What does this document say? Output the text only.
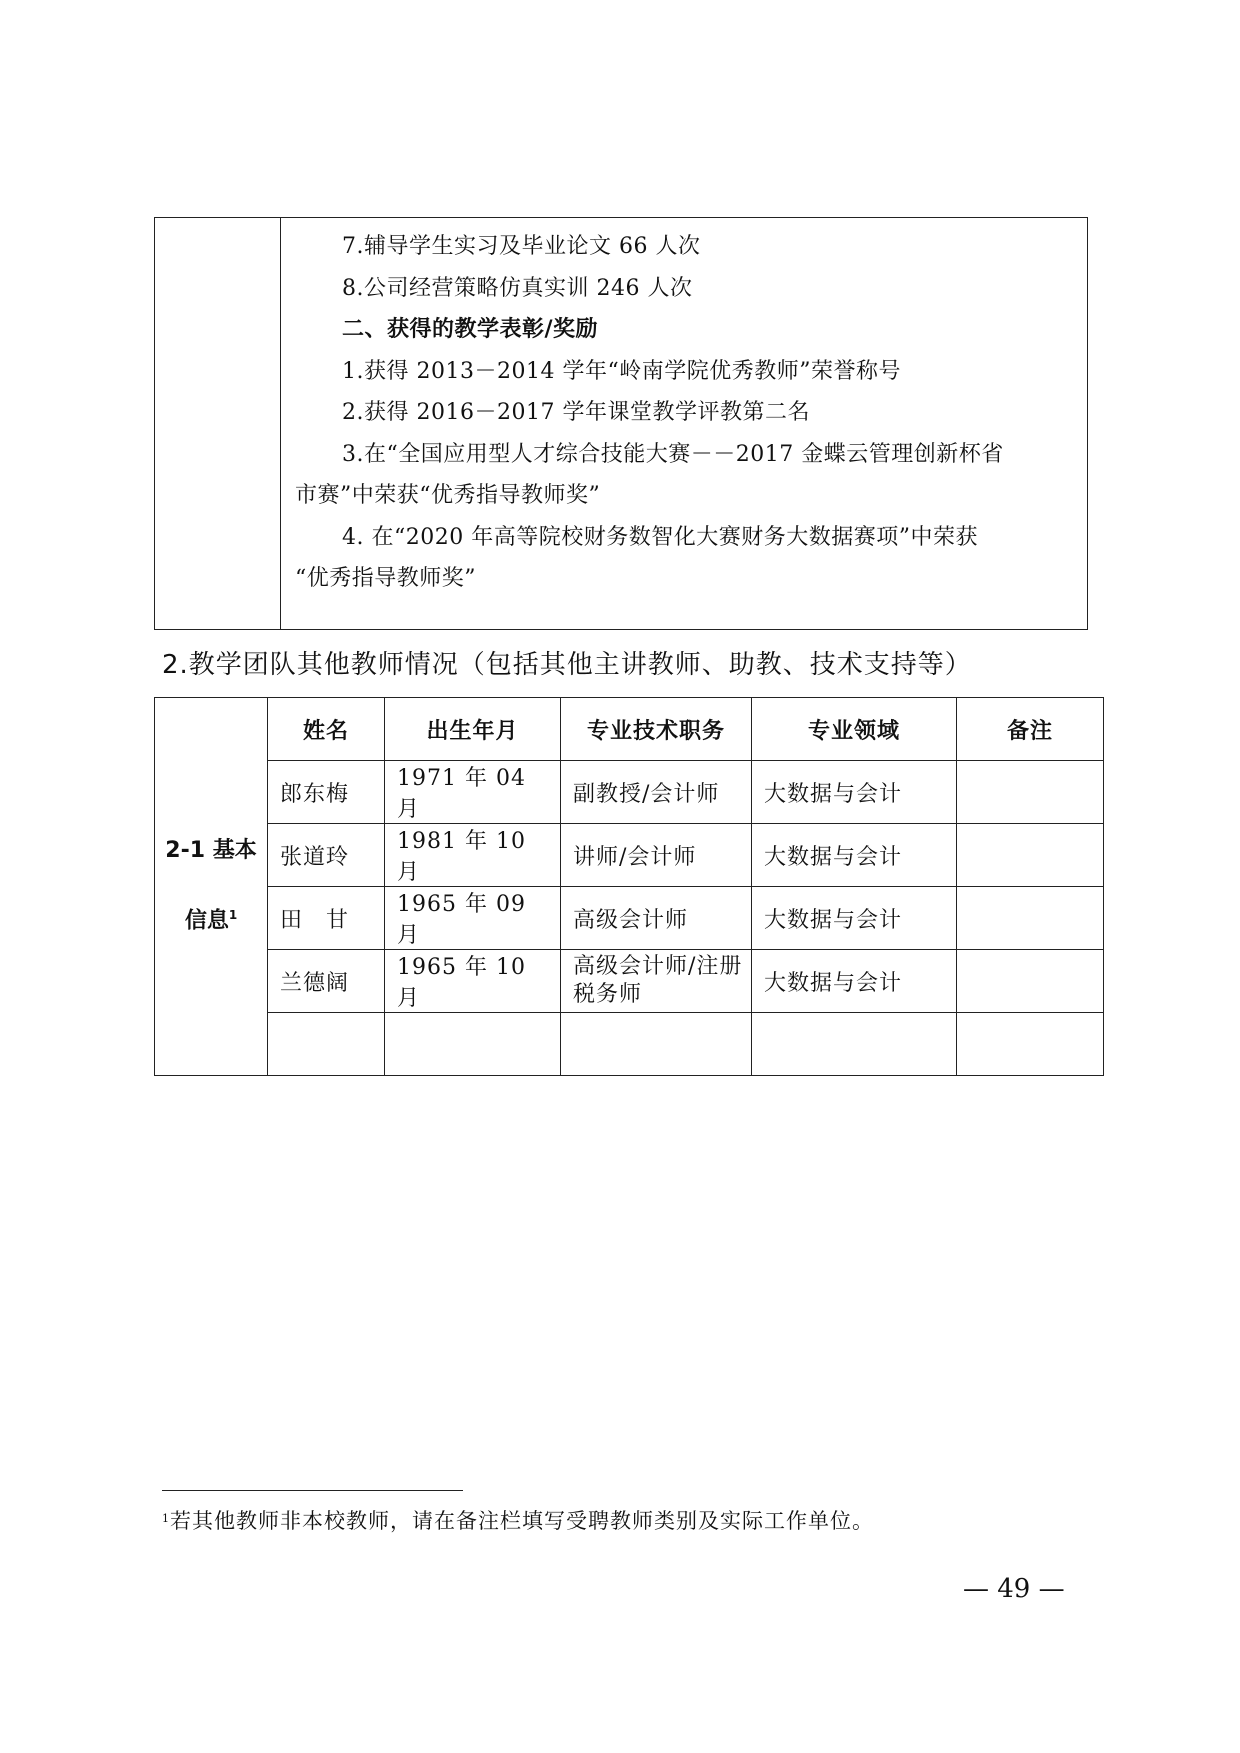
7.辅导学生实习及毕业论文 66 人次
8.公司经营策略仿真实训 246 人次
二、获得的教学表彰/奖励
1.获得 2013－2014 学年“岭南学院优秀教师”荣誉称号
2.获得 2016－2017 学年课堂教学评教第二名
3.在“全国应用型人才综合技能大赛－－2017 金蝶云管理创新杯省
市赛”中荣获“优秀指导教师奖”
4. 在“2020 年高等院校财务数智化大赛财务大数据赛项”中荣获
“优秀指导教师奖”
2.教学团队其他教师情况（包括其他主讲教师、助教、技术支持等）
2-1 基本
信息$^1$	姓名	出生年月	专业技术职务	专业领域	备注
	郎东梅	1971 年 04 月	副教授/会计师	大数据与会计	
	张道玲	1981 年 10 月	讲师/会计师	大数据与会计	
	田　甘	1965 年 09 月	高级会计师	大数据与会计	
	兰德阔	1965 年 10 月	高级会计师/注册税务师	大数据与会计	

$^1$若其他教师非本校教师，请在备注栏填写受聘教师类别及实际工作单位。
— 49 —
